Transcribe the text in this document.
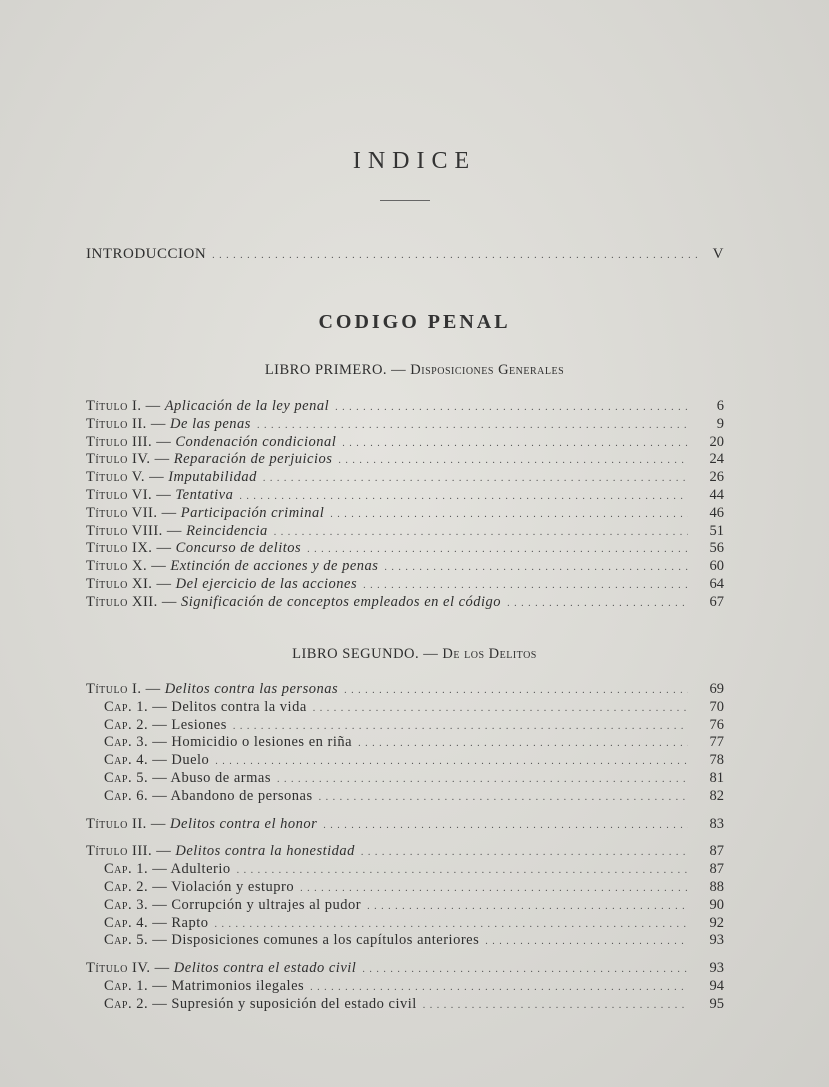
INDICE
INTRODUCCION . . .	V
CODIGO PENAL
LIBRO PRIMERO. — Disposiciones Generales
Título I. — Aplicación de la ley penal . . .	6
Título II. — De las penas . . .	9
Título III. — Condenación condicional . . .	20
Título IV. — Reparación de perjuicios . . .	24
Título V. — Imputabilidad . . .	26
Título VI. — Tentativa . . .	44
Título VII. — Participación criminal . . .	46
Título VIII. — Reincidencia . . .	51
Título IX. — Concurso de delitos . . .	56
Título X. — Extinción de acciones y de penas . . .	60
Título XI. — Del ejercicio de las acciones . . .	64
Título XII. — Significación de conceptos empleados en el código . . .	67
LIBRO SEGUNDO. — De los Delitos
Título I. — Delitos contra las personas . . .	69
Cap. 1. — Delitos contra la vida . . .	70
Cap. 2. — Lesiones . . .	76
Cap. 3. — Homicidio o lesiones en riña . . .	77
Cap. 4. — Duelo . . .	78
Cap. 5. — Abuso de armas . . .	81
Cap. 6. — Abandono de personas . . .	82
Título II. — Delitos contra el honor . . .	83
Título III. — Delitos contra la honestidad . . .	87
Cap. 1. — Adulterio . . .	87
Cap. 2. — Violación y estupro . . .	88
Cap. 3. — Corrupción y ultrajes al pudor . . .	90
Cap. 4. — Rapto . . .	92
Cap. 5. — Disposiciones comunes a los capítulos anteriores . . .	93
Título IV. — Delitos contra el estado civil . . .	93
Cap. 1. — Matrimonios ilegales . . .	94
Cap. 2. — Supresión y suposición del estado civil . . .	95
